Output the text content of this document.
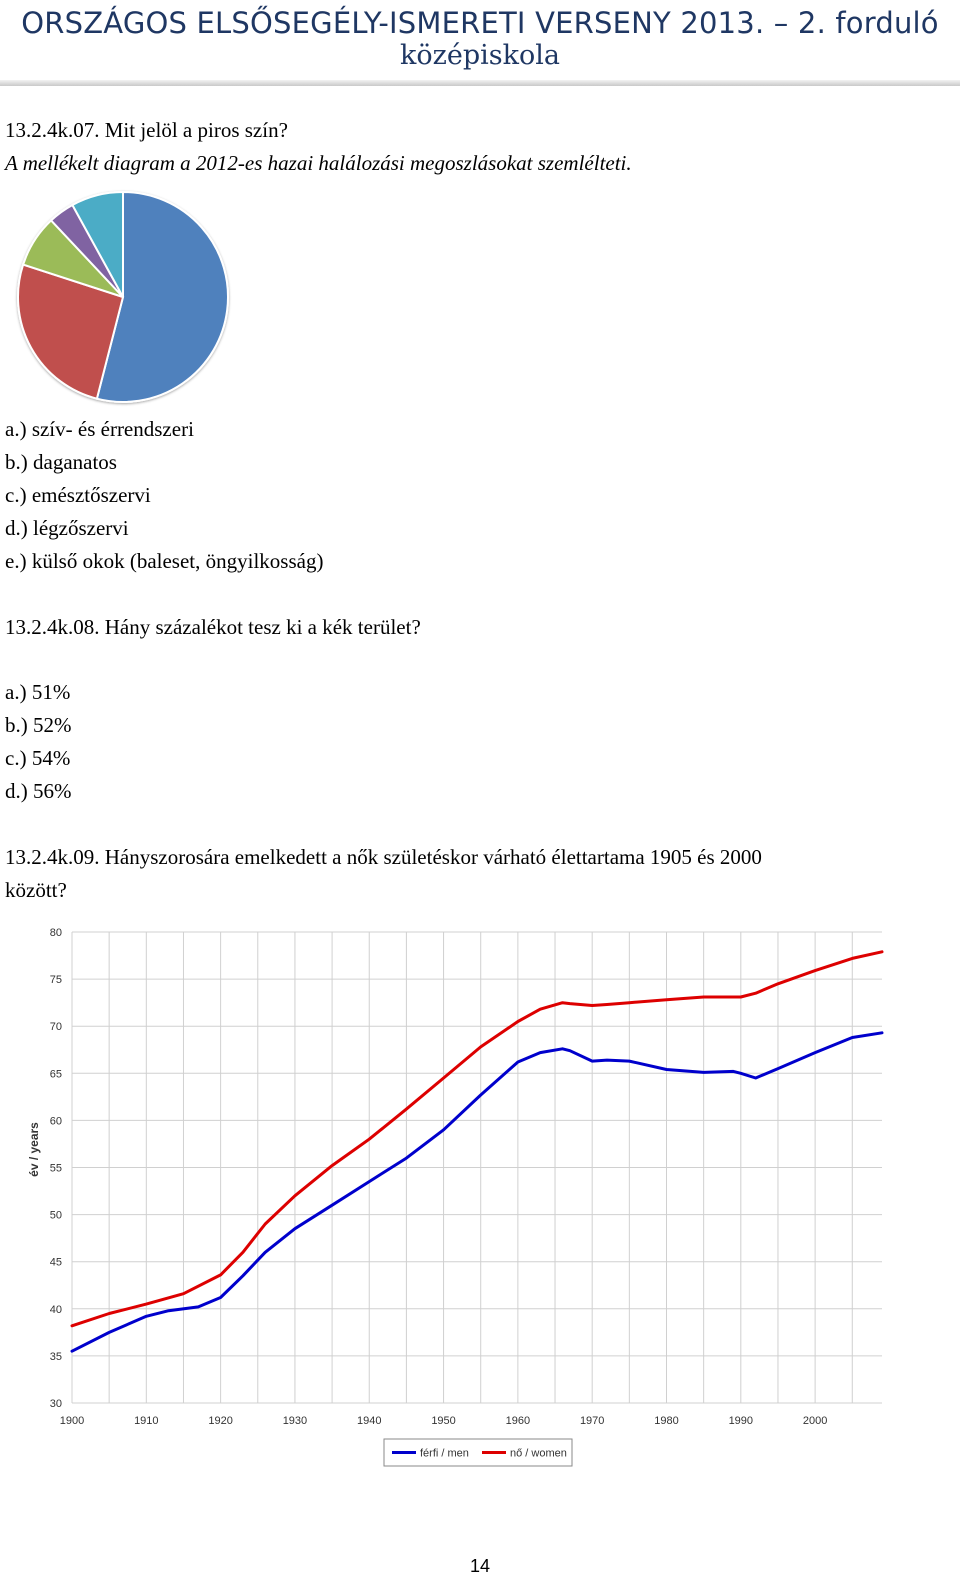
ORSZÁGOS ELSŐSEGÉLY-ISMERETI VERSENY 2013. – 2. forduló
középiskola
13.2.4k.07. Mit jelöl a piros szín?
A mellékelt diagram a 2012-es hazai halálozási megoszlásokat szemlélteti.
a.) szív- és érrendszeri
b.) daganatos
c.) emésztőszervi
d.) légzőszervi
e.) külső okok (baleset, öngyilkosság)
13.2.4k.08. Hány százalékot tesz ki a kék terület?
a.) 51%
b.) 52%
c.) 54%
d.) 56%
13.2.4k.09. Hányszorosára emelkedett a nők születéskor várható élettartama 1905 és 2000
között?
1900	1910	1920	1930	1940	1950	1960	1970	1980	1990	2000
30
35
40
45
50
55
60
65
70
75
80
év / years
férfi / men	nő / women
14
